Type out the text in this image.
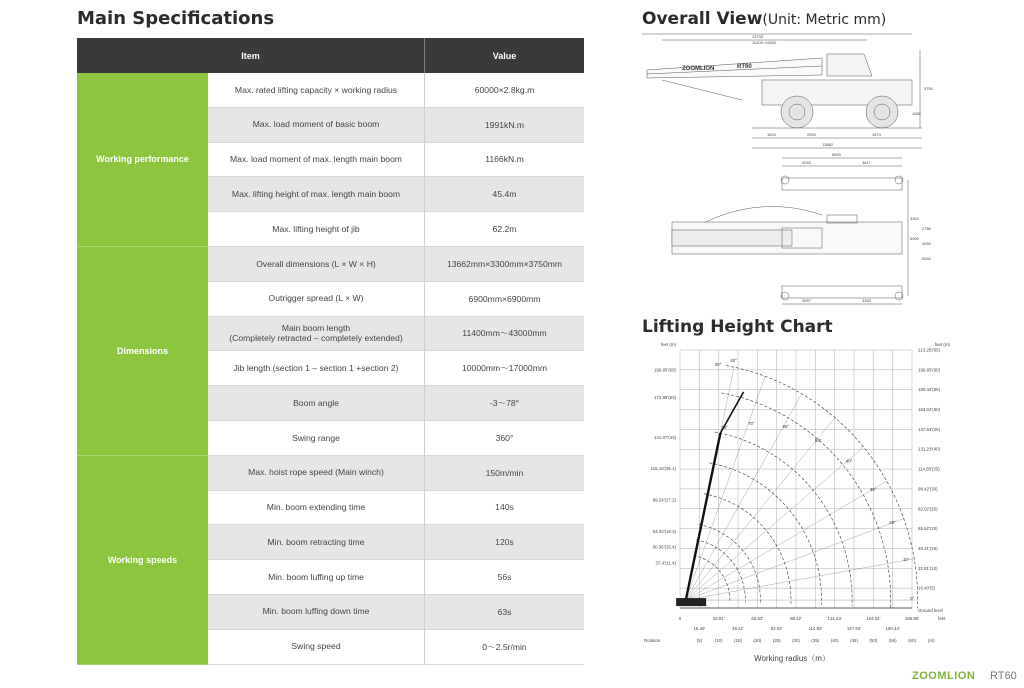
Main Specifications	Overall View(Unit: Metric mm)
Lifting Height Chart
Item	Value
Working performance
Max. rated lifting capacity × working radius	60000×2.8kg.m
Max. load moment of basic boom	1991kN.m
Max. load moment of max. length main boom	1166kN.m
Max. lifting height of max. length main boom	45.4m
Max. lifting height of jib	62.2m
Dimensions
Overall dimensions (L × W × H)	13662mm×3300mm×3750mm
Outrigger spread (L × W)	6900mm×6900mm
Main boom length
(Completely retracted – completely extended)	11400mm～43000mm
Jib length (section 1 – section 1 +section 2)	10000mm～17000mm
Boom angle	-3～78°
Swing range	360°
Working speeds
Max. hoist rope speed (Main winch)	150m/min
Min. boom extending time	140s
Min. boom retracting time	120s
Min. boom luffing up time	56s
Min. boom luffing down time	63s
Swing speed	0～2.5r/min
13733
11400~43000
ZOOMLION	RT60
1824	2550	1574
13662
3750
1682
6900
3283	3617
3057	3383
6900
3300
2780
4050
5550
feet (m)
196.85'(60)
173.88'(53)
141.07'(43)
115.16'(35.1)
89.24'(27.2)
63.32'(19.3)
50.36'(15.4)
37.4'(11.4)
feet (m)
213.25'(65)
196.85'(60)
180.44'(55)
164.04'(50)
147.64'(45)
131.23'(40)
114.83'(35)
98.42'(30)
82.02'(25)
65.62'(20)
49.21'(15)
32.81'(10)
16.40'(5)
Ground level
feet
0	32.81'	65.62'	98.42'	131.23'	164.04'	196.85'
16.40'	49.21'	82.02'	114.83'	147.64'	180.44'
Rotation	(5)	(10)	(15)	(20)	(25)	(30)	(35)	(40)	(45)	(50)	(55)	(60)	(m)
78°
70°
60°
50°
40°
30°
20°
10°
0°
30°
40°
Working radius（m）
ZOOMLION RT60
